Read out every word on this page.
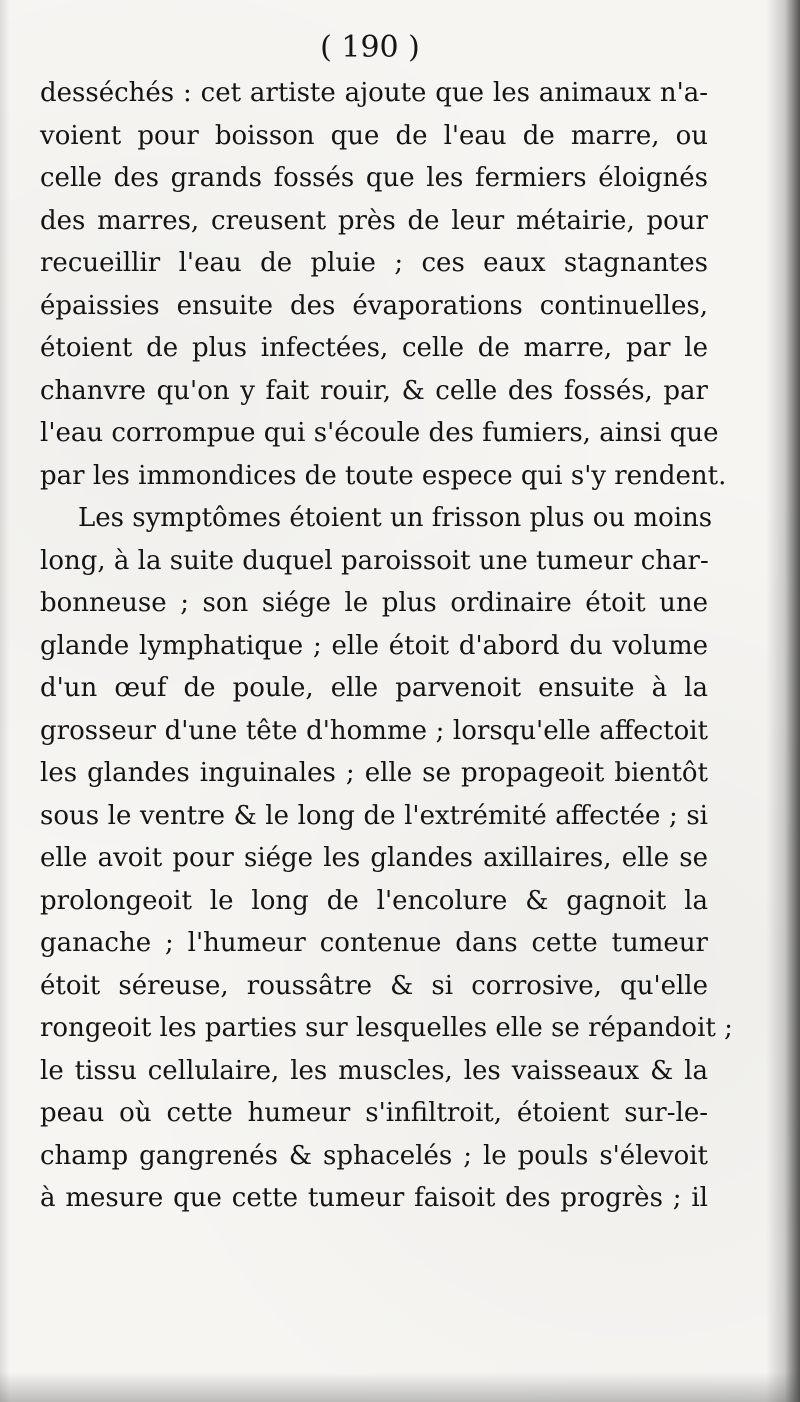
( 190 )
desséchés : cet artiste ajoute que les animaux n'a-
voient pour boisson que de l'eau de marre, ou
celle des grands fossés que les fermiers éloignés
des marres, creusent près de leur métairie, pour
recueillir l'eau de pluie ; ces eaux stagnantes
épaissies ensuite des évaporations continuelles,
étoient de plus infectées, celle de marre, par le
chanvre qu'on y fait rouir, & celle des fossés, par
l'eau corrompue qui s'écoule des fumiers, ainsi que
par les immondices de toute espece qui s'y rendent.
Les symptômes étoient un frisson plus ou moins
long, à la suite duquel paroissoit une tumeur char-
bonneuse ; son siége le plus ordinaire étoit une
glande lymphatique ; elle étoit d'abord du volume
d'un œuf de poule, elle parvenoit ensuite à la
grosseur d'une tête d'homme ; lorsqu'elle affectoit
les glandes inguinales ; elle se propageoit bientôt
sous le ventre & le long de l'extrémité affectée ; si
elle avoit pour siége les glandes axillaires, elle se
prolongeoit le long de l'encolure & gagnoit la
ganache ; l'humeur contenue dans cette tumeur
étoit séreuse, roussâtre & si corrosive, qu'elle
rongeoit les parties sur lesquelles elle se répandoit ;
le tissu cellulaire, les muscles, les vaisseaux & la
peau où cette humeur s'infiltroit, étoient sur-le-
champ gangrenés & sphacelés ; le pouls s'élevoit
à mesure que cette tumeur faisoit des progrès ; il
